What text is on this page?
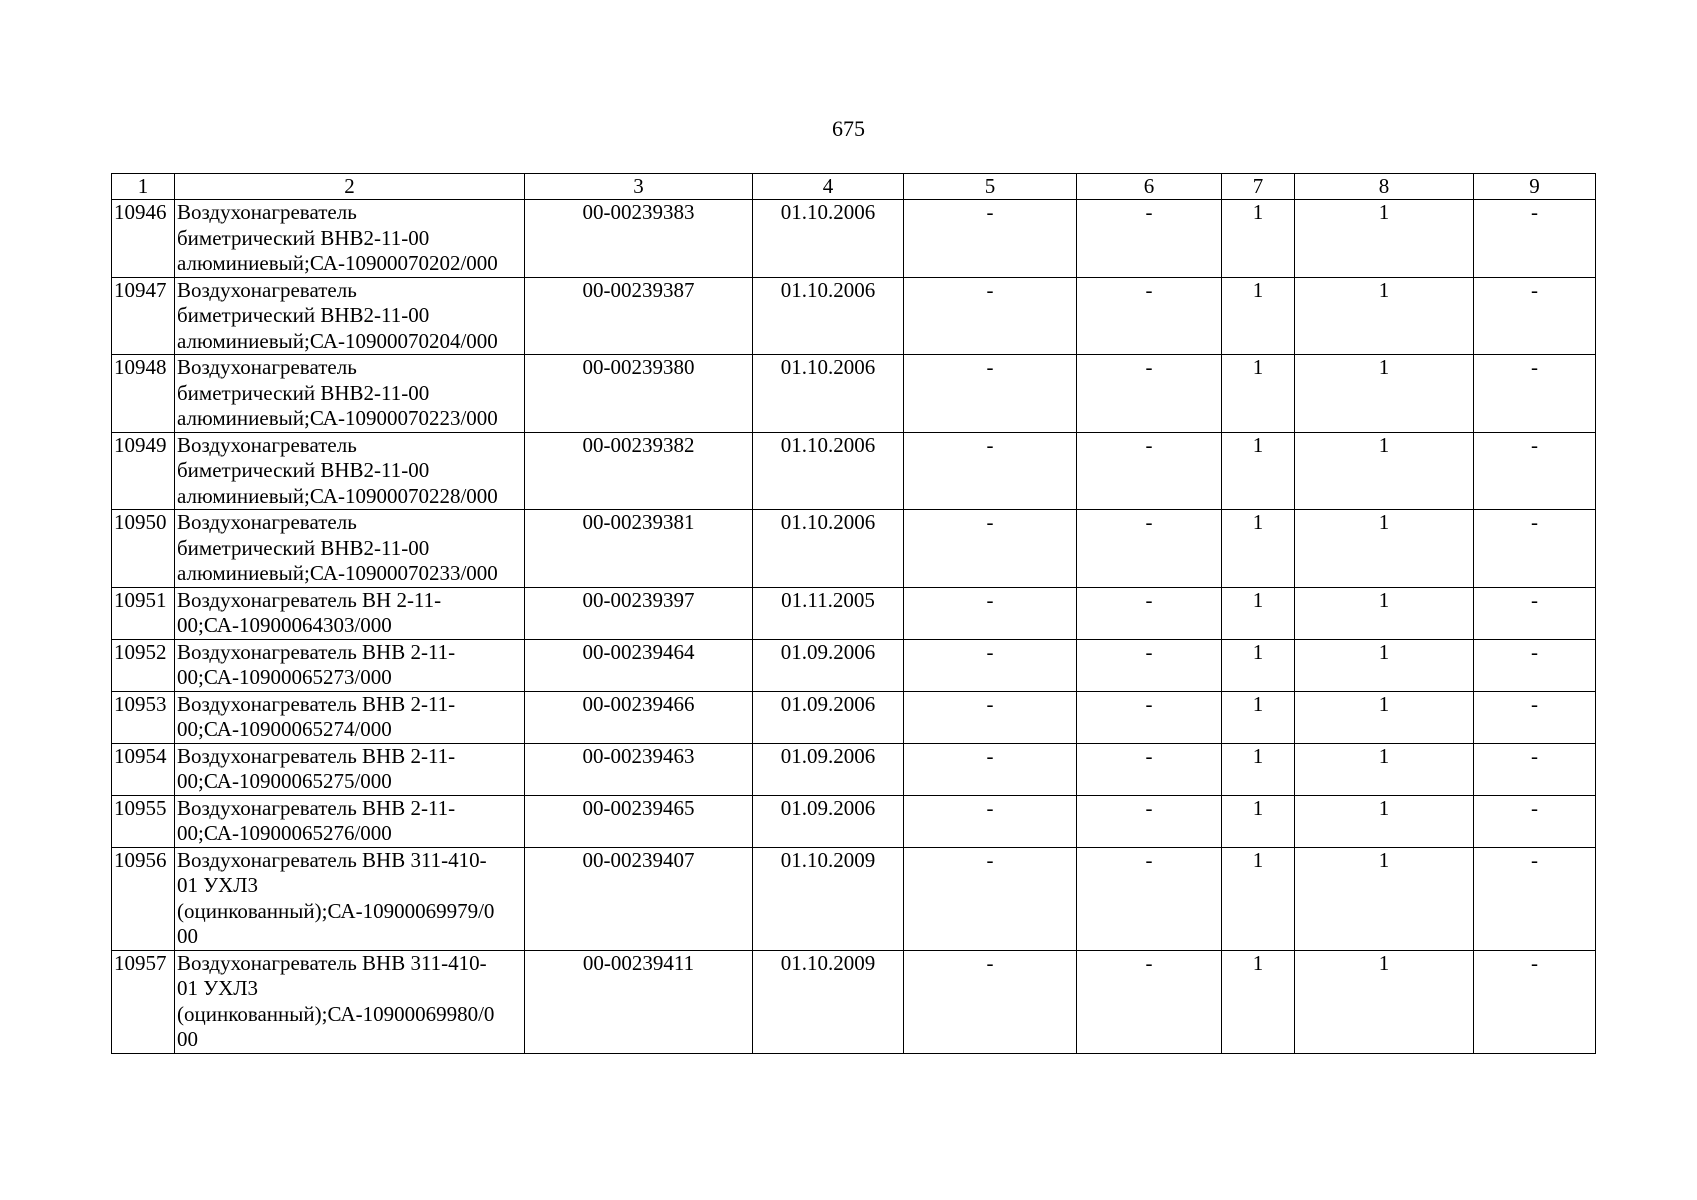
675
1	2	3	4	5	6	7	8	9
10946	Воздухонагреватель
биметрический ВНВ2-11-00
алюминиевый;СА-10900070202/000	00-00239383	01.10.2006	-	-	1	1	-
10947	Воздухонагреватель
биметрический ВНВ2-11-00
алюминиевый;СА-10900070204/000	00-00239387	01.10.2006	-	-	1	1	-
10948	Воздухонагреватель
биметрический ВНВ2-11-00
алюминиевый;СА-10900070223/000	00-00239380	01.10.2006	-	-	1	1	-
10949	Воздухонагреватель
биметрический ВНВ2-11-00
алюминиевый;СА-10900070228/000	00-00239382	01.10.2006	-	-	1	1	-
10950	Воздухонагреватель
биметрический ВНВ2-11-00
алюминиевый;СА-10900070233/000	00-00239381	01.10.2006	-	-	1	1	-
10951	Воздухонагреватель ВН 2-11-
00;СА-10900064303/000	00-00239397	01.11.2005	-	-	1	1	-
10952	Воздухонагреватель ВНВ 2-11-
00;СА-10900065273/000	00-00239464	01.09.2006	-	-	1	1	-
10953	Воздухонагреватель ВНВ 2-11-
00;СА-10900065274/000	00-00239466	01.09.2006	-	-	1	1	-
10954	Воздухонагреватель ВНВ 2-11-
00;СА-10900065275/000	00-00239463	01.09.2006	-	-	1	1	-
10955	Воздухонагреватель ВНВ 2-11-
00;СА-10900065276/000	00-00239465	01.09.2006	-	-	1	1	-
10956	Воздухонагреватель ВНВ 311-410-
01 УХЛ3
(оцинкованный);СА-10900069979/0
00	00-00239407	01.10.2009	-	-	1	1	-
10957	Воздухонагреватель ВНВ 311-410-
01 УХЛ3
(оцинкованный);СА-10900069980/0
00	00-00239411	01.10.2009	-	-	1	1	-
